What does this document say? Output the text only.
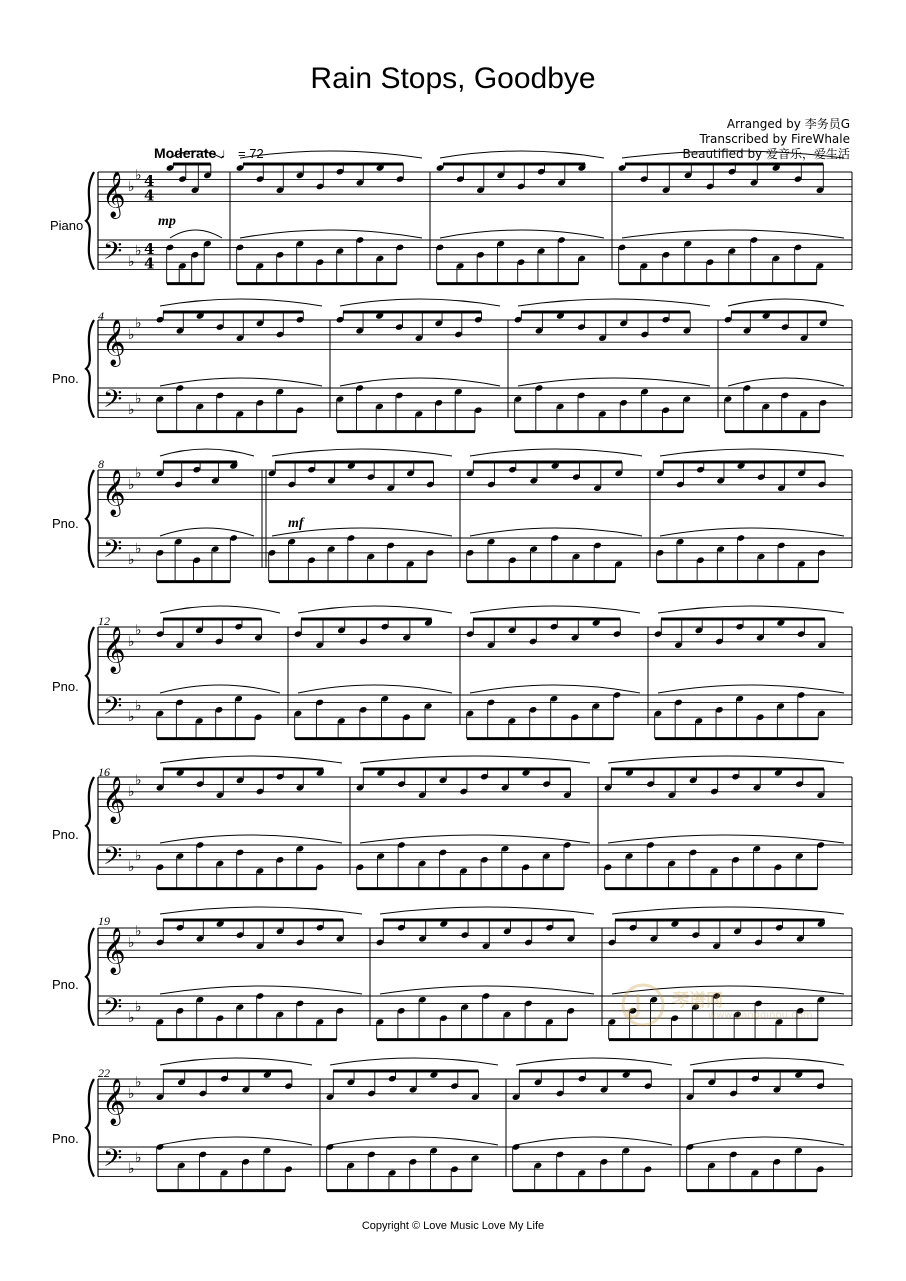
Rain Stops, Goodbye
Arranged by 李务员G
Transcribed by FireWhale
Beautified by 爱音乐，爱生活
Moderate ♩ = 72
Piano
Pno.
Pno.
Pno.
Pno.
Pno.
Pno.
4
8
12
16
19
22
mp
mf
𝄞
𝄢
♭
♭
♭
♭
4
4
4
4
𝄞
𝄢
♭
♭
♭
♭
𝄞
𝄢
♭
♭
♭
♭
𝄞
𝄢
♭
♭
♭
♭
𝄞
𝄢
♭
♭
♭
♭
𝄞
𝄢
♭
♭
♭
♭
𝄞
𝄢
♭
♭
♭
♭
琴谱网
www.gangqinpu.com
Copyright © Love Music Love My Life
